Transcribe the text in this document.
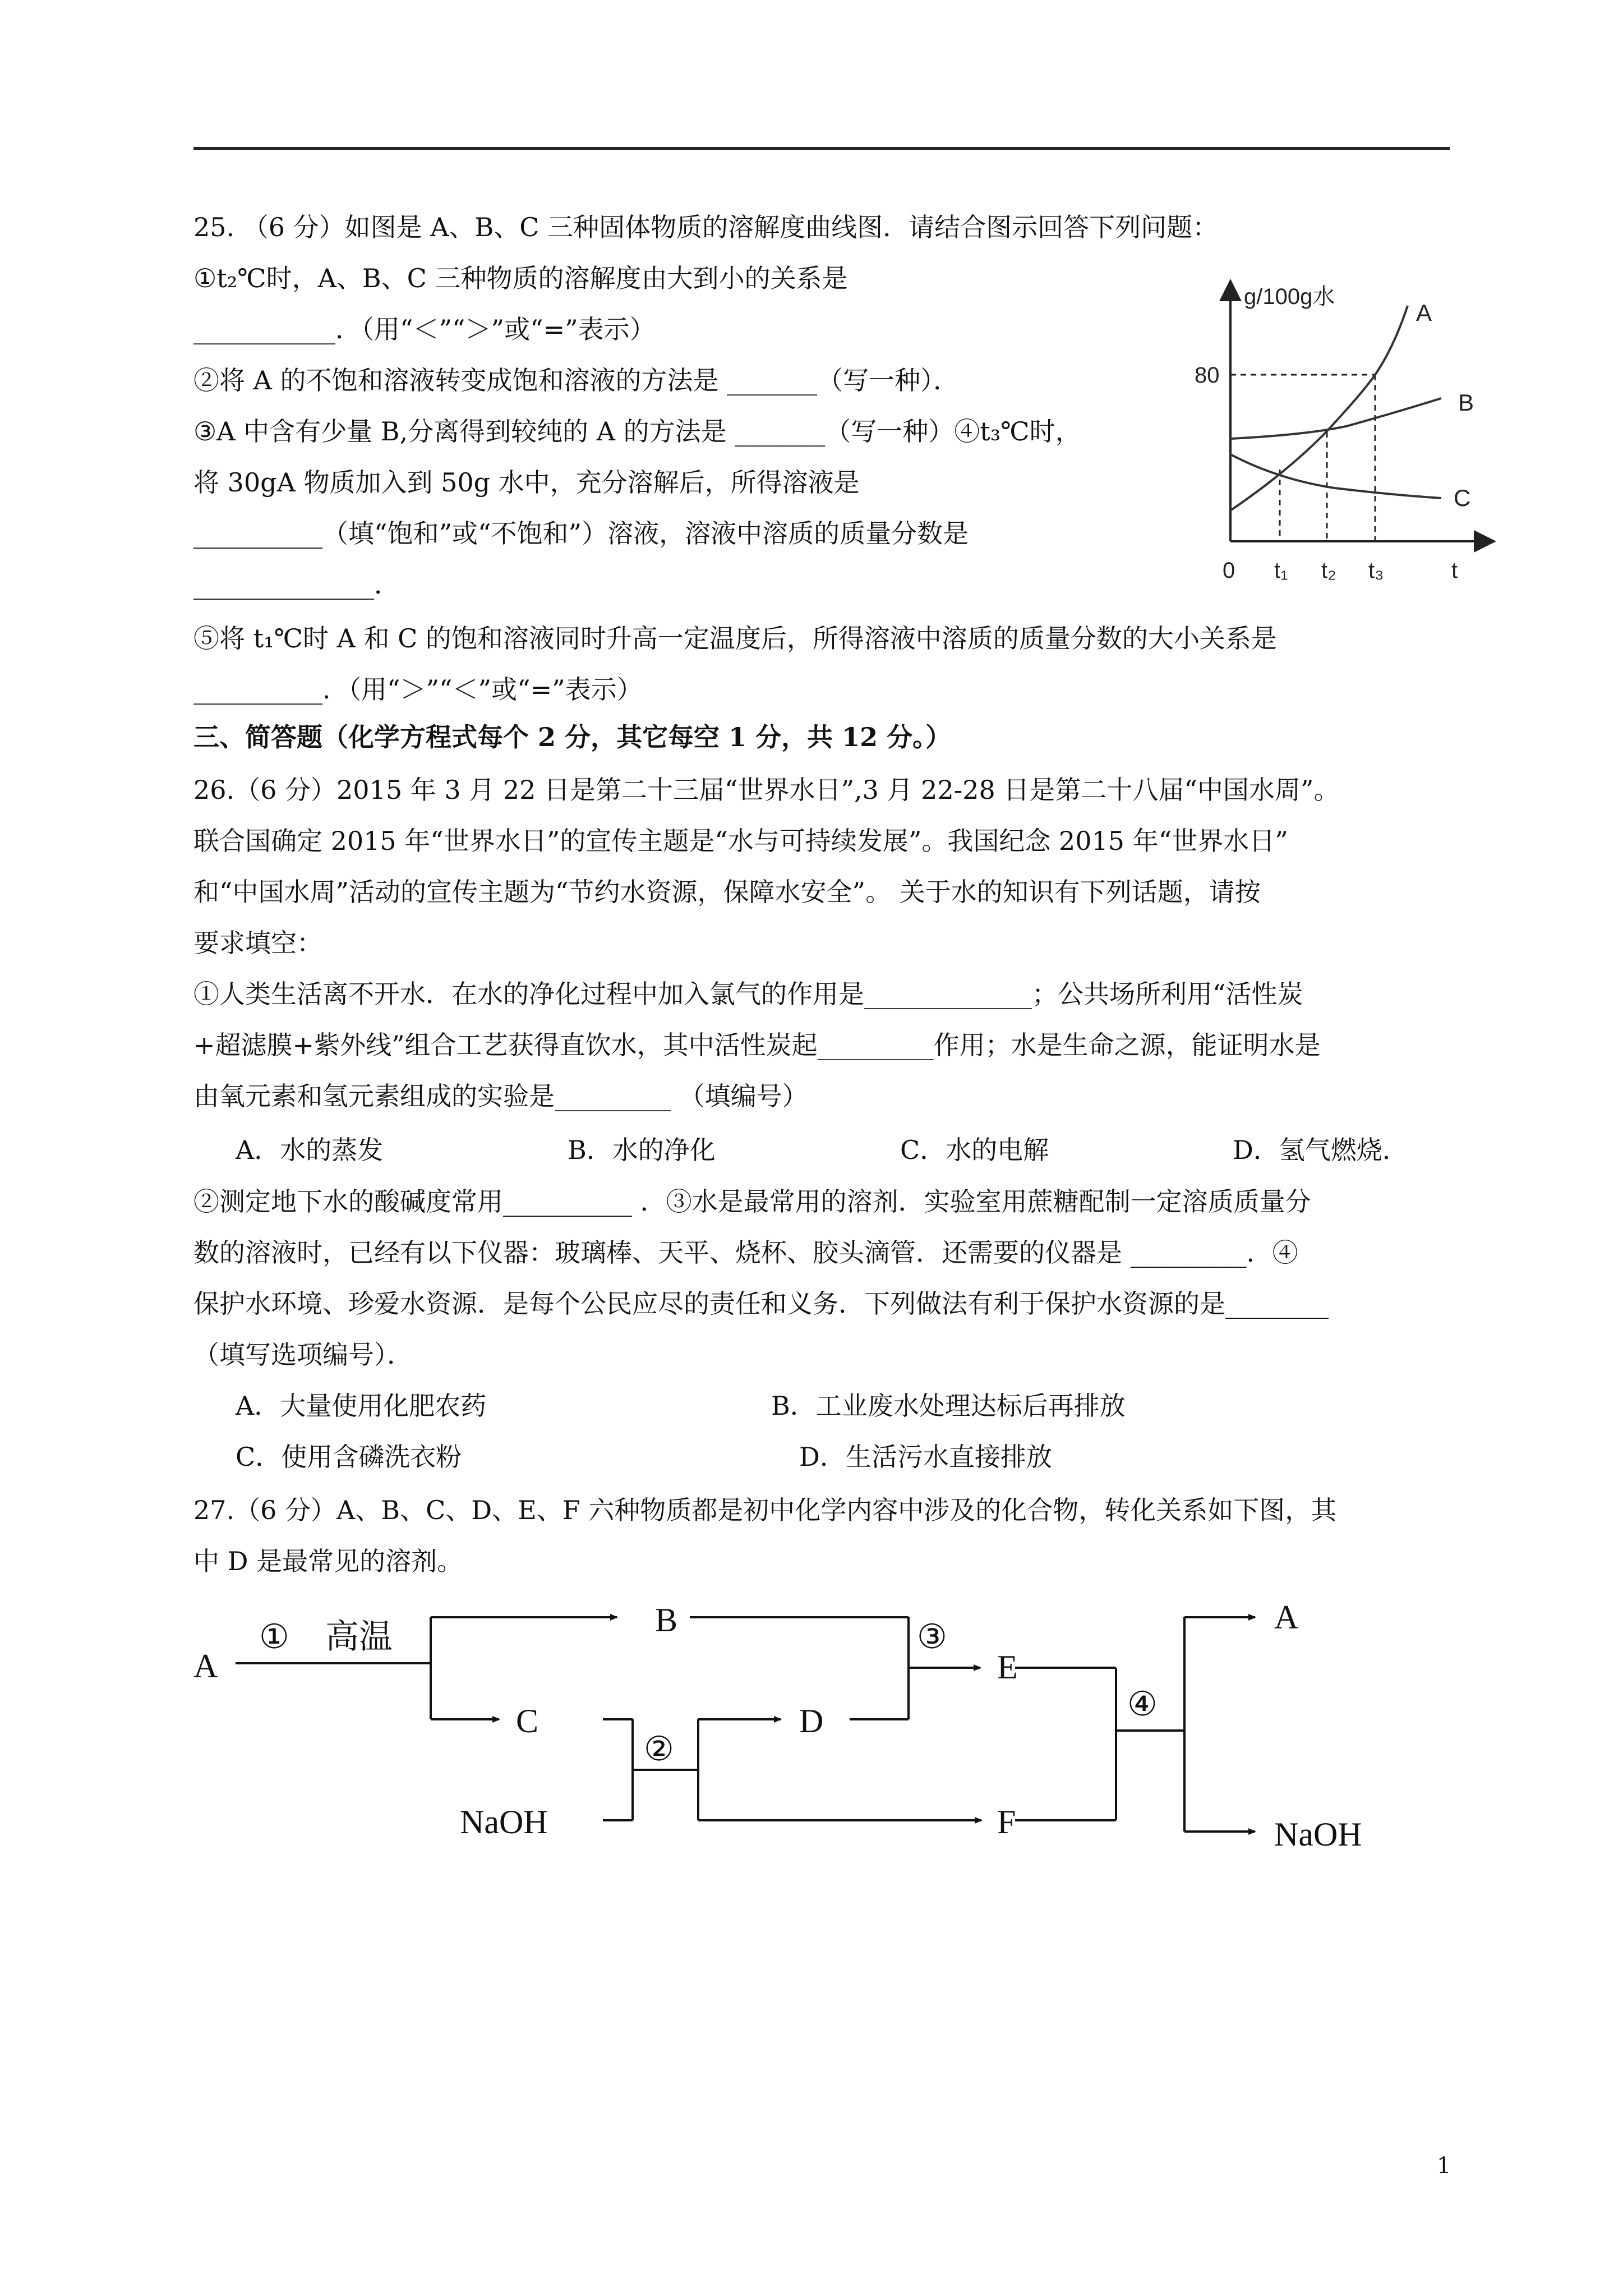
25. （6 分）如图是 A、B、C 三种固体物质的溶解度曲线图．请结合图示回答下列问题：
①t₂℃时，A、B、C 三种物质的溶解度由大到小的关系是
___________．（用“＜”“＞”或“=”表示）
②将 A 的不饱和溶液转变成饱和溶液的方法是 _______（写一种）．
③A 中含有少量 B,分离得到较纯的 A 的方法是 _______（写一种）④t₃℃时，
将 30gA 物质加入到 50g 水中，充分溶解后，所得溶液是
__________（填“饱和”或“不饱和”）溶液，溶液中溶质的质量分数是
______________．
⑤将 t₁℃时 A 和 C 的饱和溶液同时升高一定温度后，所得溶液中溶质的质量分数的大小关系是
__________．（用“＞”“＜”或“=”表示）
g/100g水
t
0
80
t₁ t₂ t₃
A
B
C
三、简答题（化学方程式每个 2 分，其它每空 1 分，共 12 分。）
26.（6 分）2015 年 3 月 22 日是第二十三届“世界水日”,3 月 22-28 日是第二十八届“中国水周”。
联合国确定 2015 年“世界水日”的宣传主题是“水与可持续发展”。我国纪念 2015 年“世界水日”
和“中国水周”活动的宣传主题为“节约水资源，保障水安全”。 关于水的知识有下列话题，请按
要求填空：
①人类生活离不开水．在水的净化过程中加入氯气的作用是_____________；公共场所利用“活性炭
+超滤膜+紫外线”组合工艺获得直饮水，其中活性炭起_________作用；水是生命之源，能证明水是
由氧元素和氢元素组成的实验是_________ （填编号）
A．水的蒸发	B．水的净化	C．水的电解	D．氢气燃烧．
②测定地下水的酸碱度常用__________ ．③水是最常用的溶剂．实验室用蔗糖配制一定溶质质量分
数的溶液时，已经有以下仪器：玻璃棒、天平、烧杯、胶头滴管．还需要的仪器是 _________．④
保护水环境、珍爱水资源．是每个公民应尽的责任和义务．下列做法有利于保护水资源的是________
（填写选项编号）．
A．大量使用化肥农药	B．工业废水处理达标后再排放
C．使用含磷洗衣粉	D．生活污水直接排放
27.（6 分）A、B、C、D、E、F 六种物质都是初中化学内容中涉及的化合物，转化关系如下图，其
中 D 是最常见的溶剂。
A
① 高温	B
C
NaOH
②
D
③
E
F
④
A
NaOH
1
